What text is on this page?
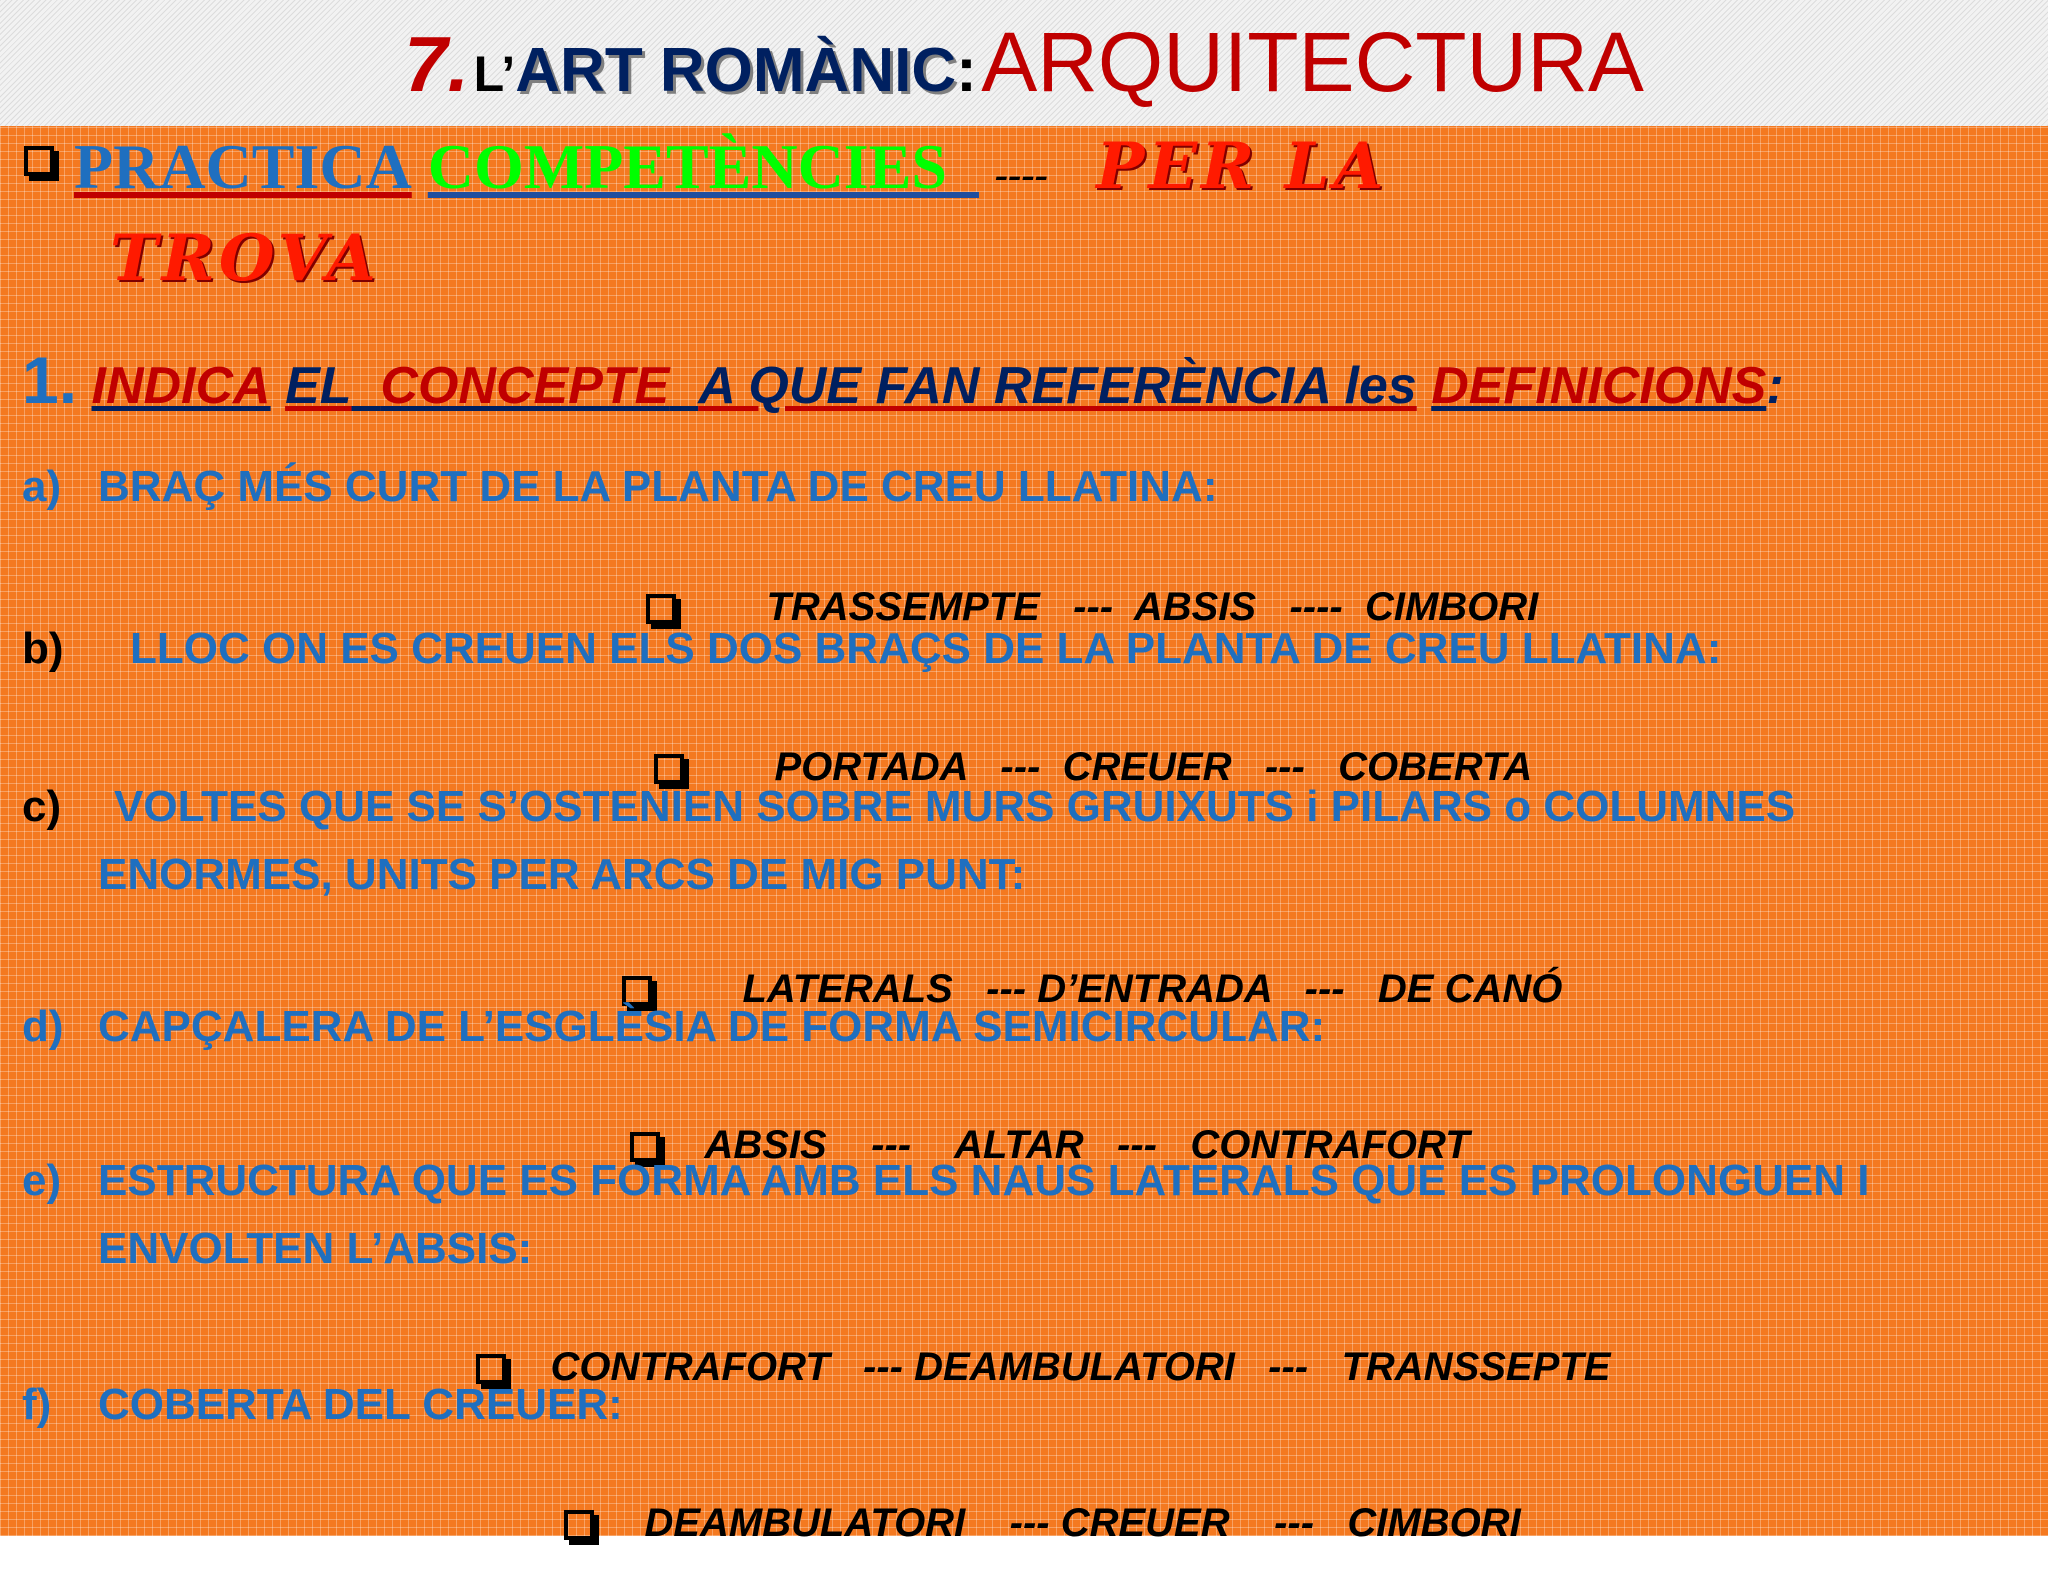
7. L’ART ROMÀNIC: ARQUITECTURA
PRACTICA COMPETÈNCIES ---- PER LA
TROVA
1. INDICA EL CONCEPTE A QUE FAN REFERÈNCIA les DEFINICIONS:
a) BRAÇ MÉS CURT DE LA PLANTA DE CREU LLATINA:

TRASSEMPTE   ---  ABSIS   ----  CIMBORI

b) LLOC ON ES CREUEN ELS DOS BRAÇS DE LA PLANTA DE CREU LLATINA:

PORTADA   ---  CREUER   ---   COBERTA

c) VOLTES QUE SE S’OSTENIEN SOBRE MURS GRUIXUTS i PILARS o COLUMNES
ENORMES, UNITS PER ARCS DE MIG PUNT:

LATERALS   --- D’ENTRADA   ---   DE CANÓ

d) CAPÇALERA DE L’ESGLÈSIA DE FORMA SEMICIRCULAR:

ABSIS    ---    ALTAR   ---   CONTRAFORT

e) ESTRUCTURA QUE ES FORMA AMB ELS NAUS LATERALS QUE ES PROLONGUEN I
ENVOLTEN L’ABSIS:

CONTRAFORT   --- DEAMBULATORI   ---   TRANSSEPTE

f) COBERTA DEL CREUER:

DEAMBULATORI    --- CREUER    ---   CIMBORI
